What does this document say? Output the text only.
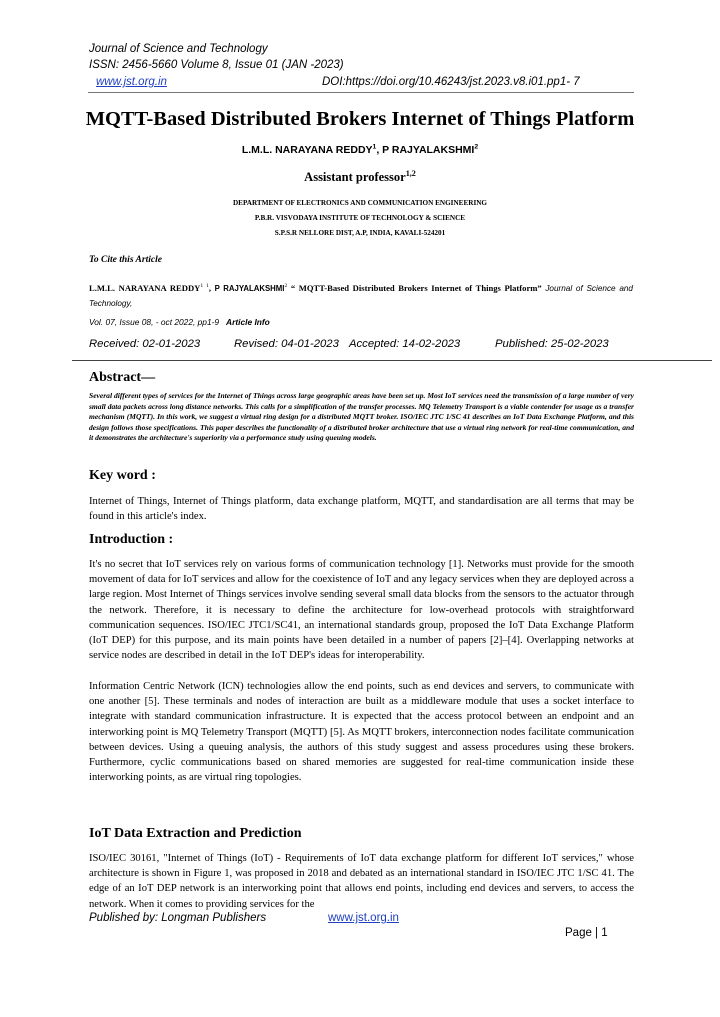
Journal of Science and Technology
ISSN: 2456-5660 Volume 8, Issue 01 (JAN -2023)
www.jst.org.in	DOI:https://doi.org/10.46243/jst.2023.v8.i01.pp1- 7
MQTT-Based Distributed Brokers Internet of Things Platform
L.M.L. NARAYANA REDDY$^1$, P RAJYALAKSHMI$^2$
Assistant professor$^{1,2}$
DEPARTMENT OF ELECTRONICS AND COMMUNICATION ENGINEERING
P.B.R. VISVODAYA INSTITUTE OF TECHNOLOGY & SCIENCE
S.P.S.R NELLORE DIST, A.P, INDIA, KAVALI-524201
To Cite this Article
L.M.L. NARAYANA $REDDY^{1 1}$, P RAJYALAKSHMI$^2$ “ MQTT-Based Distributed Brokers Internet of Things Platform” Journal of Science and Technology,
Vol. 07, Issue 08, - oct 2022, pp1-9 Article Info
Received: 02-01-2023	Revised: 04-01-2023 Accepted: 14-02-2023	Published: 25-02-2023
Abstract—
Several different types of services for the Internet of Things across large geographic areas have been set up. Most IoT services need the transmission of a large number of very small data packets across long distance networks. This calls for a simplification of the transfer processes. MQ Telemetry Transport is a viable contender for usage as a transfer mechanism (MQTT). In this work, we suggest a virtual ring design for a distributed MQTT broker. ISO/IEC JTC 1/SC 41 describes an IoT Data Exchange Platform, and this design follows those specifications. This paper describes the functionality of a distributed broker architecture that use a virtual ring network for real-time communication, and it demonstrates the architecture's superiority via a performance study using queuing models.
Key word :
Internet of Things, Internet of Things platform, data exchange platform, MQTT, and standardisation are all terms that may be found in this article's index.
Introduction :
It's no secret that IoT services rely on various forms of communication technology [1]. Networks must provide for the smooth movement of data for IoT services and allow for the coexistence of IoT and any legacy services when they are deployed across a large region. Most Internet of Things services involve sending several small data blocks from the sensors to the actuator through the network. Therefore, it is necessary to define the architecture for low-overhead protocols with straightforward communication sequences. ISO/IEC JTC1/SC41, an international standards group, proposed the IoT Data Exchange Platform (IoT DEP) for this purpose, and its main points have been detailed in a number of papers [2]–[4]. Overlapping networks at service nodes are described in detail in the IoT DEP's ideas for interoperability.
Information Centric Network (ICN) technologies allow the end points, such as end devices and servers, to communicate with one another [5]. These terminals and nodes of interaction are built as a middleware module that uses a socket interface to integrate with standard communication infrastructure. It is expected that the access protocol between an endpoint and an interworking point is MQ Telemetry Transport (MQTT) [5]. As MQTT brokers, interconnection nodes facilitate communication between devices. Using a queuing analysis, the authors of this study suggest and assess procedures using these brokers. Furthermore, cyclic communications based on shared memories are suggested for real-time communication inside these interworking points, as are virtual ring topologies.
IoT Data Extraction and Prediction
ISO/IEC 30161, "Internet of Things (IoT) - Requirements of IoT data exchange platform for different IoT services," whose architecture is shown in Figure 1, was proposed in 2018 and debated as an international standard in ISO/IEC JTC 1/SC 41. The edge of an IoT DEP network is an interworking point that allows end points, including end devices and servers, to access the network. When it comes to providing services for the
Published by: Longman Publishers	www.jst.org.in
Page | 1
